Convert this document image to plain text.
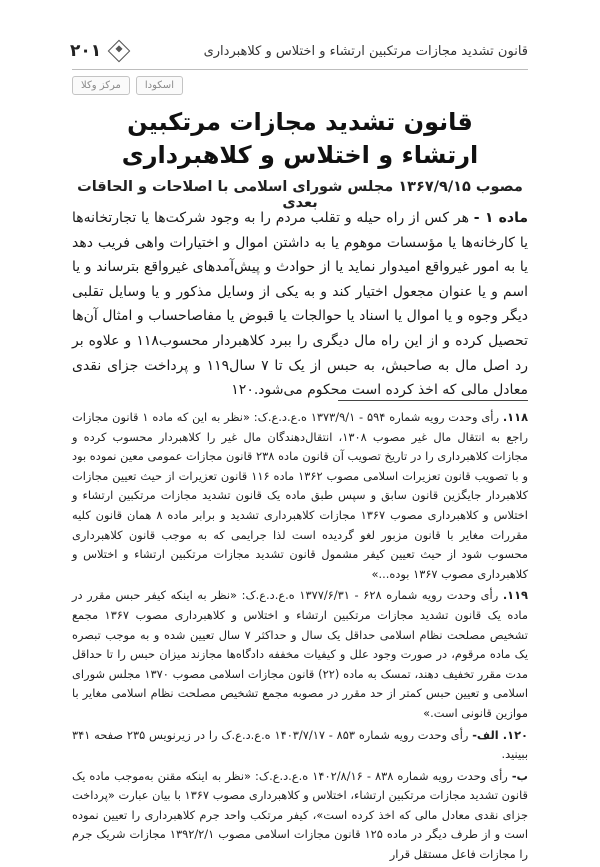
قانون تشدید مجازات مرتکبین ارتشاء و اختلاس و کلاهبرداری
۲۰۱
اسکودا
مرکز وکلا
قانون تشدید مجازات مرتکبین ارتشاء و اختلاس و کلاهبرداری
مصوب ۱۳۶۷/۹/۱۵ مجلس شورای اسلامی با اصلاحات و الحاقات بعدی
ماده ۱ - هر کس از راه حیله و تقلب مردم را به وجود شرکت‌ها یا تجارتخانه‌ها یا کارخانه‌ها یا مؤسسات موهوم یا به داشتن اموال و اختیارات واهی فریب دهد یا به امور غیرواقع امیدوار نماید یا از حوادث و پیش‌آمدهای غیرواقع بترساند و یا اسم و یا عنوان مجعول اختیار کند و به یکی از وسایل مذکور و یا وسایل تقلبی دیگر وجوه و یا اموال یا اسناد یا حوالجات یا قبوض یا مفاصاحساب و امثال آن‌ها تحصیل کرده و از این راه مال دیگری را ببرد کلاهبردار محسوب۱۱۸ و علاوه بر رد اصل مال به صاحبش، به حبس از یک تا ۷ سال۱۱۹ و پرداخت جزای نقدی معادل مالی که اخذ کرده است محکوم می‌شود.۱۲۰

۱۱۸. رأی وحدت رویه شماره ۵۹۴ - ۱۳۷۳/۹/۱ ه.ع.د.ع.ک: «نظر به این که ماده ۱ قانون مجازات راجع به انتقال مال غیر مصوب ۱۳۰۸، انتقال‌دهندگان مال غیر را کلاهبردار محسوب کرده و مجازات کلاهبرداری را در تاریخ تصویب آن قانون ماده ۲۳۸ قانون مجازات عمومی معین نموده بود و با تصویب قانون تعزیرات اسلامی مصوب ۱۳۶۲ ماده ۱۱۶ قانون تعزیرات از حیث تعیین مجازات کلاهبردار جایگزین قانون سابق و سپس طبق ماده یک قانون تشدید مجازات مرتکبین ارتشاء و اختلاس و کلاهبرداری مصوب ۱۳۶۷ مجازات کلاهبرداری تشدید و برابر ماده ۸ همان قانون کلیه مقررات مغایر با قانون مزبور لغو گردیده است لذا جرایمی که به موجب قانون کلاهبرداری محسوب شود از حیث تعیین کیفر مشمول قانون تشدید مجازات مرتکبین ارتشاء و اختلاس و کلاهبرداری مصوب ۱۳۶۷ بوده...»

۱۱۹. رأی وحدت رویه شماره ۶۲۸ - ۱۳۷۷/۶/۳۱ ه.ع.د.ع.ک: «نظر به اینکه کیفر حبس مقرر در ماده یک قانون تشدید مجازات مرتکبین ارتشاء و اختلاس و کلاهبرداری مصوب ۱۳۶۷ مجمع تشخیص مصلحت نظام اسلامی حداقل یک سال و حداکثر ۷ سال تعیین شده و به موجب تبصره یک ماده مرقوم، در صورت وجود علل و کیفیات مخففه دادگاه‌ها مجازند میزان حبس را تا حداقل مدت مقرر تخفیف دهند، تمسک به ماده (۲۲) قانون مجازات اسلامی مصوب ۱۳۷۰ مجلس شورای اسلامی و تعیین حبس کمتر از حد مقرر در مصوبه مجمع تشخیص مصلحت نظام اسلامی مغایر با موازین قانونی است.»

۱۲۰. الف- رأی وحدت رویه شماره ۸۵۳ - ۱۴۰۳/۷/۱۷ ه.ع.د.ع.ک را در زیرنویس ۲۳۵ صفحه ۳۴۱ ببینید.

ب- رأی وحدت رویه شماره ۸۳۸ - ۱۴۰۲/۸/۱۶ ه.ع.د.ع.ک: «نظر به اینکه مقنن به‌موجب ماده یک قانون تشدید مجازات مرتکبین ارتشاء، اختلاس و کلاهبرداری مصوب ۱۳۶۷ با بیان عبارت «پرداخت جزای نقدی معادل مالی که اخذ کرده است»، کیفر مرتکب واحد جرم کلاهبرداری را تعیین نموده است و از طرف دیگر در ماده ۱۲۵ قانون مجازات اسلامی مصوب ۱۳۹۲/۲/۱ مجازات شریک جرم را مجازات فاعل مستقل قرار
